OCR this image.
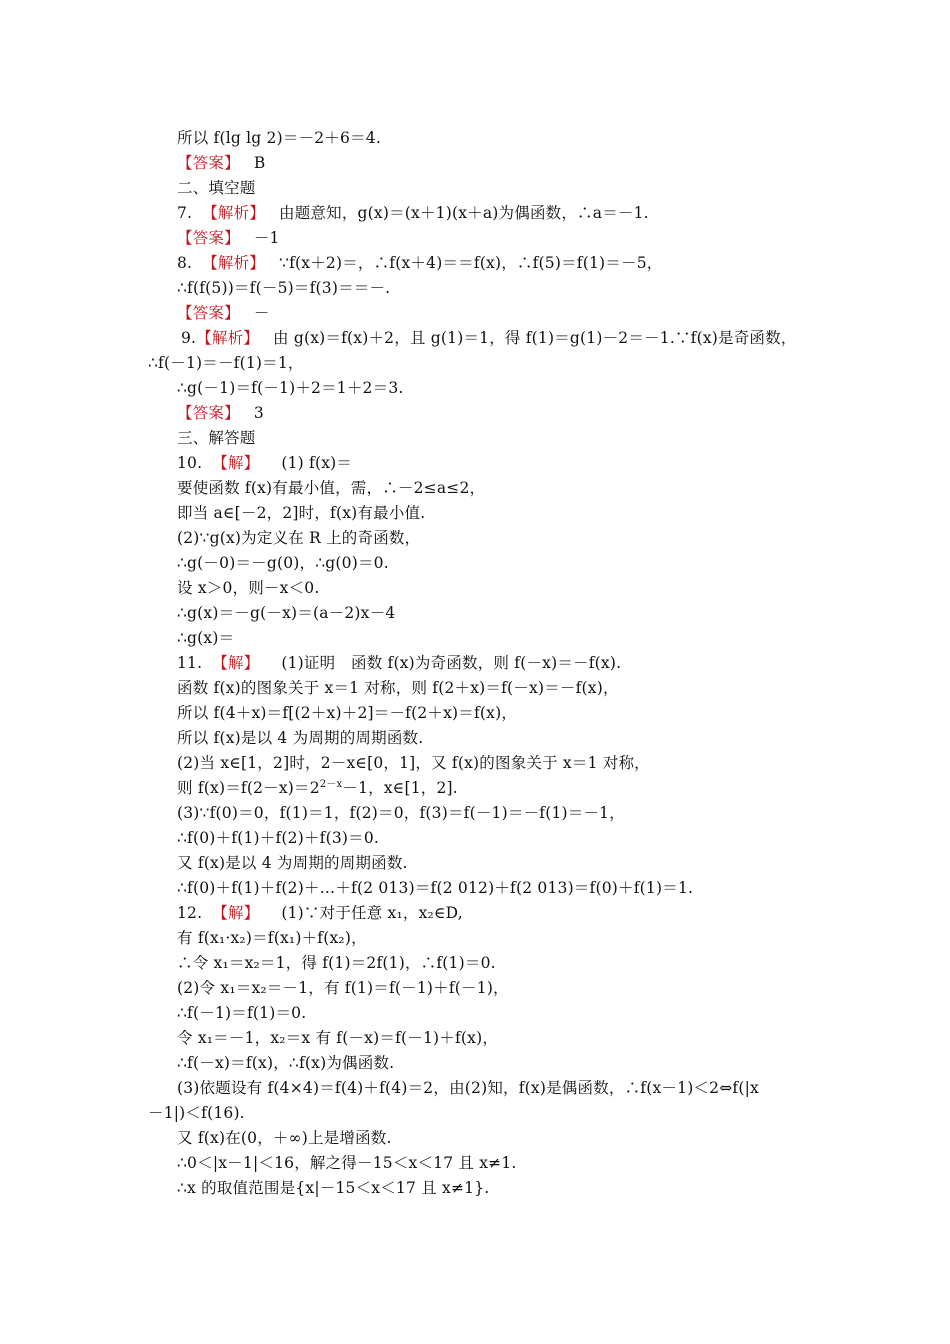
所以 f(lg lg 2)＝－2＋6＝4.
【答案】 B
二、填空题
7. 【解析】 由题意知，g(x)＝(x＋1)(x＋a)为偶函数，∴a＝－1.
【答案】 －1
8. 【解析】 ∵f(x＋2)＝，∴f(x＋4)＝＝f(x)，∴f(5)＝f(1)＝－5，
∴f(f(5))＝f(－5)＝f(3)＝＝－.
【答案】 －
9.【解析】 由 g(x)＝f(x)＋2，且 g(1)＝1，得 f(1)＝g(1)－2＝－1.∵f(x)是奇函数，
∴f(－1)＝－f(1)＝1，
∴g(－1)＝f(－1)＋2＝1＋2＝3.
【答案】 3
三、解答题
10. 【解】 (1) f(x)＝
要使函数 f(x)有最小值，需，∴－2≤a≤2，
即当 a∈[－2，2]时，f(x)有最小值.
(2)∵g(x)为定义在 R 上的奇函数，
∴g(－0)＝－g(0)，∴g(0)＝0.
设 x＞0，则－x＜0.
∴g(x)＝－g(－x)＝(a－2)x－4
∴g(x)＝
11. 【解】 (1)证明　函数 f(x)为奇函数，则 f(－x)＝－f(x).
函数 f(x)的图象关于 x＝1 对称，则 f(2＋x)＝f(－x)＝－f(x)，
所以 f(4＋x)＝f[(2＋x)＋2]＝－f(2＋x)＝f(x)，
所以 f(x)是以 4 为周期的周期函数.
(2)当 x∈[1，2]时，2－x∈[0，1]，又 f(x)的图象关于 x＝1 对称，
则 $f(x)=f(2-x)=2^{2-x}-1$，x∈[1，2].
(3)∵f(0)＝0，f(1)＝1，f(2)＝0，f(3)＝f(－1)＝－f(1)＝－1，
∴f(0)＋f(1)＋f(2)＋f(3)＝0.
又 f(x)是以 4 为周期的周期函数.
∴f(0)＋f(1)＋f(2)＋…＋f(2 013)＝f(2 012)＋f(2 013)＝f(0)＋f(1)＝1.
12. 【解】 (1)∵对于任意 x₁，x₂∈D,
有 f(x₁·x₂)＝f(x₁)＋f(x₂)，
∴令 x₁＝x₂＝1，得 f(1)＝2f(1)，∴f(1)＝0.
(2)令 x₁＝x₂＝－1，有 f(1)＝f(－1)＋f(－1)，
∴f(－1)＝f(1)＝0.
令 x₁＝－1，x₂＝x 有 f(－x)＝f(－1)＋f(x)，
∴f(－x)＝f(x)，∴f(x)为偶函数.
(3)依题设有 f(4×4)＝f(4)＋f(4)＝2，由(2)知，f(x)是偶函数，∴f(x－1)＜2⇔f(|x
－1|)＜f(16).
又 f(x)在(0，＋∞)上是增函数.
∴0＜|x－1|＜16，解之得－15＜x＜17 且 x≠1.
∴x 的取值范围是{x|－15＜x＜17 且 x≠1}.
